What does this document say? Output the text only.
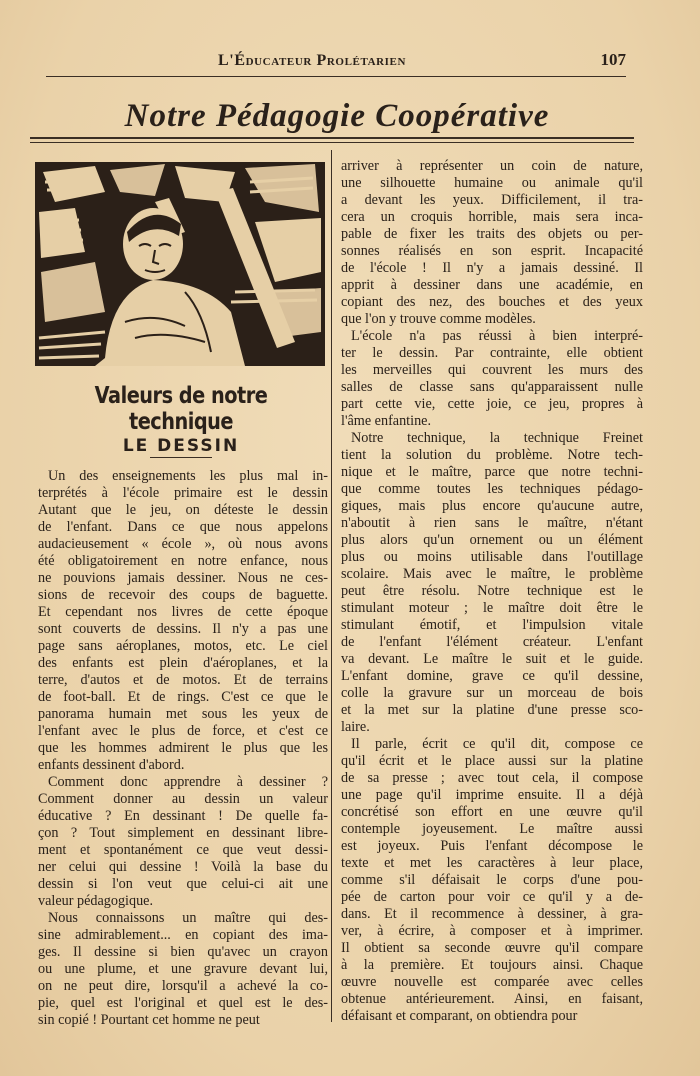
L'Éducateur Prolétarien	107
Notre Pédagogie Coopérative
Valeurs de notre technique
LE DESSIN
Un des enseignements les plus mal in-
terprétés à l'école primaire est le dessin
Autant que le jeu, on déteste le dessin
de l'enfant. Dans ce que nous appelons
audacieusement « école », où nous avons
été obligatoirement en notre enfance, nous
ne pouvions jamais dessiner. Nous ne ces-
sions de recevoir des coups de baguette.
Et cependant nos livres de cette époque
sont couverts de dessins. Il n'y a pas une
page sans aéroplanes, motos, etc. Le ciel
des enfants est plein d'aéroplanes, et la
terre, d'autos et de motos. Et de terrains
de foot-ball. Et de rings. C'est ce que le
panorama humain met sous les yeux de
l'enfant avec le plus de force, et c'est ce
que les hommes admirent le plus que les
enfants dessinent d'abord.
Comment donc apprendre à dessiner ?
Comment donner au dessin un valeur
éducative ? En dessinant ! De quelle fa-
çon ? Tout simplement en dessinant libre-
ment et spontanément ce que veut dessi-
ner celui qui dessine ! Voilà la base du
dessin si l'on veut que celui-ci ait une
valeur pédagogique.
Nous connaissons un maître qui des-
sine admirablement... en copiant des ima-
ges. Il dessine si bien qu'avec un crayon
ou une plume, et une gravure devant lui,
on ne peut dire, lorsqu'il a achevé la co-
pie, quel est l'original et quel est le des-
sin copié ! Pourtant cet homme ne peut
arriver à représenter un coin de nature,
une silhouette humaine ou animale qu'il
a devant les yeux. Difficilement, il tra-
cera un croquis horrible, mais sera inca-
pable de fixer les traits des objets ou per-
sonnes réalisés en son esprit. Incapacité
de l'école ! Il n'y a jamais dessiné. Il
apprit à dessiner dans une académie, en
copiant des nez, des bouches et des yeux
que l'on y trouve comme modèles.
L'école n'a pas réussi à bien interpré-
ter le dessin. Par contrainte, elle obtient
les merveilles qui couvrent les murs des
salles de classe sans qu'apparaissent nulle
part cette vie, cette joie, ce jeu, propres à
l'âme enfantine.
Notre technique, la technique Freinet
tient la solution du problème. Notre tech-
nique et le maître, parce que notre techni-
que comme toutes les techniques pédago-
giques, mais plus encore qu'aucune autre,
n'aboutit à rien sans le maître, n'étant
plus alors qu'un ornement ou un élément
plus ou moins utilisable dans l'outillage
scolaire. Mais avec le maître, le problème
peut être résolu. Notre technique est le
stimulant moteur ; le maître doit être le
stimulant émotif, et l'impulsion vitale
de l'enfant l'élément créateur. L'enfant
va devant. Le maître le suit et le guide.
L'enfant domine, grave ce qu'il dessine,
colle la gravure sur un morceau de bois
et la met sur la platine d'une presse sco-
laire.
Il parle, écrit ce qu'il dit, compose ce
qu'il écrit et le place aussi sur la platine
de sa presse ; avec tout cela, il compose
une page qu'il imprime ensuite. Il a déjà
concrétisé son effort en une œuvre qu'il
contemple joyeusement. Le maître aussi
est joyeux. Puis l'enfant décompose le
texte et met les caractères à leur place,
comme s'il défaisait le corps d'une pou-
pée de carton pour voir ce qu'il y a de-
dans. Et il recommence à dessiner, à gra-
ver, à écrire, à composer et à imprimer.
Il obtient sa seconde œuvre qu'il compare
à la première. Et toujours ainsi. Chaque
œuvre nouvelle est comparée avec celles
obtenue antérieurement. Ainsi, en faisant,
défaisant et comparant, on obtiendra pour
